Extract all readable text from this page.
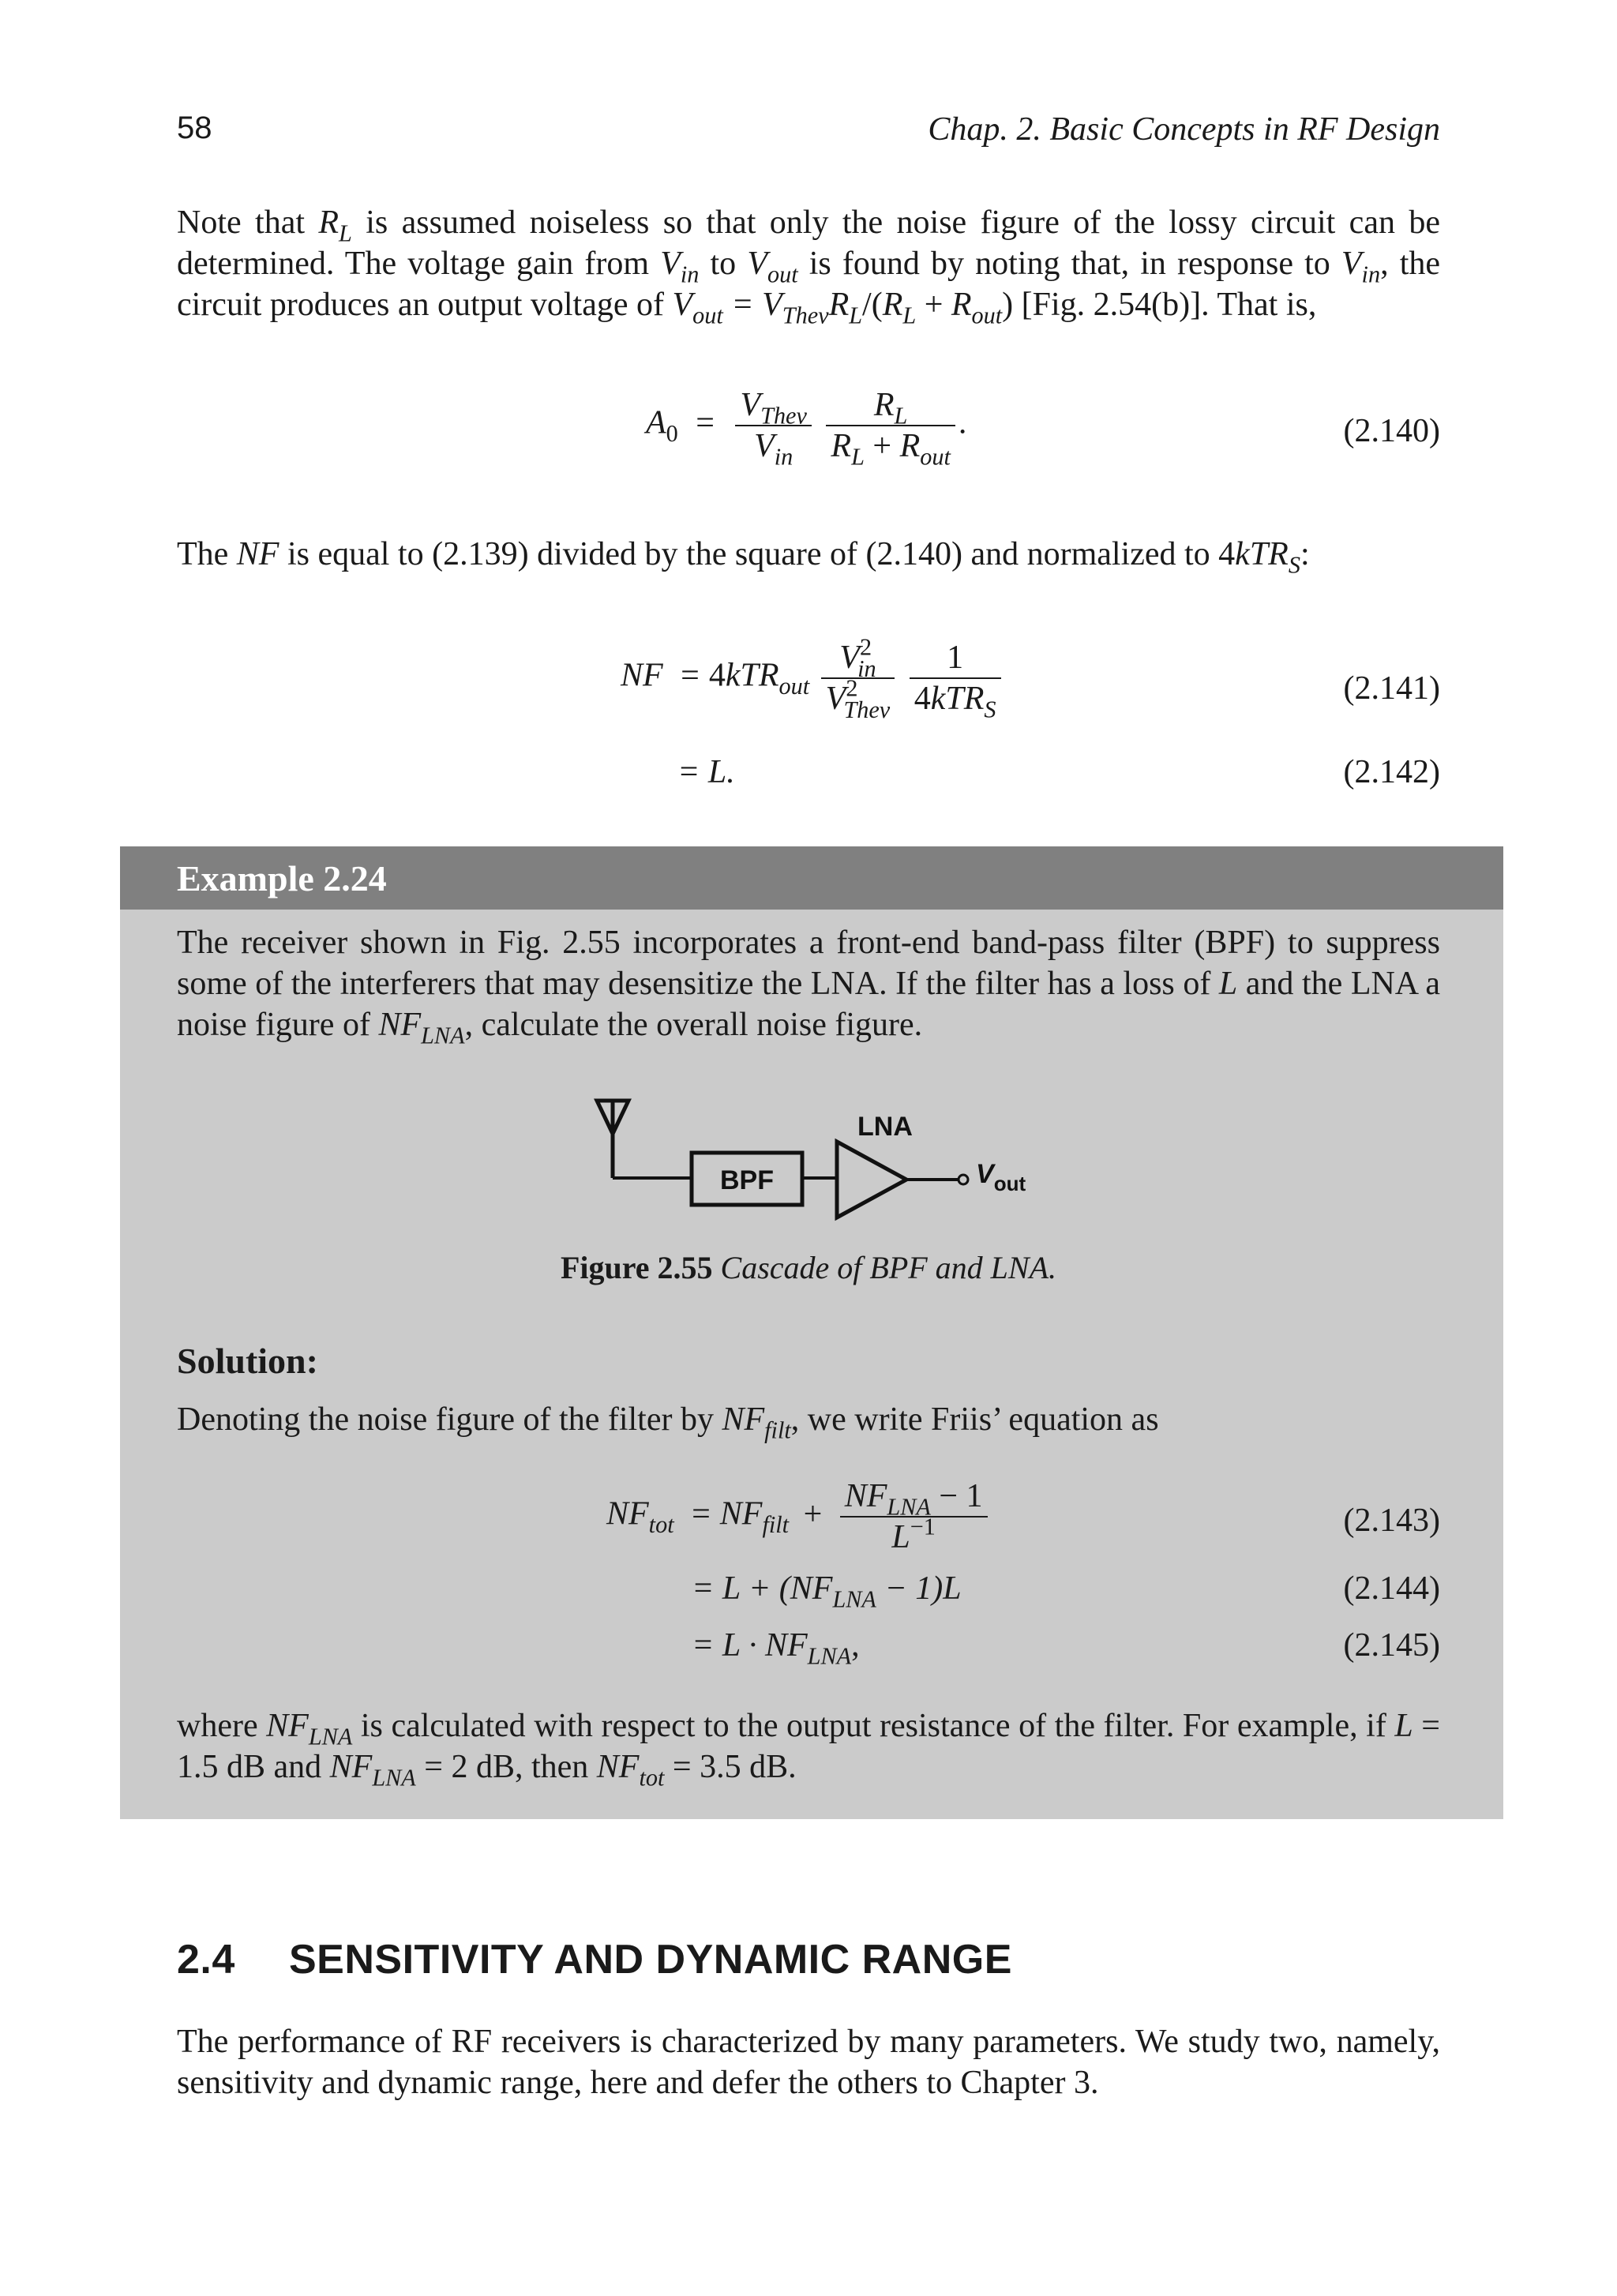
58	Chap. 2. Basic Concepts in RF Design
Note that $R_L$ is assumed noiseless so that only the noise figure of the lossy circuit can be determined. The voltage gain from $V_{in}$ to $V_{out}$ is found by noting that, in response to $V_{in}$, the circuit produces an output voltage of $V_{out} = V_{Thev}R_L/(R_L + R_{out})$ [Fig. 2.54(b)]. That is,
$A_0 = \frac{V_{Thev}}{V_{in}}$
$\frac{R_L}{R_L + R_{out}}$ .	(2.140)
The NF is equal to (2.139) divided by the square of (2.140) and normalized to 4kTR$_S$:
NF = $4kTR_{out} \frac{V^2_{in}}{V^2_{Thev}}$
$\frac{1}{4kTR_S}$	(2.141)
= L.	(2.142)
Example 2.24
The receiver shown in Fig. 2.55 incorporates a front-end band-pass filter (BPF) to suppress some of the interferers that may desensitize the LNA. If the filter has a loss of L and the LNA a noise figure of $NF_{LNA}$, calculate the overall noise figure.
BPF
LNA
$V_{out}$
Figure 2.55 Cascade of BPF and LNA.
Solution:
Denoting the noise figure of the filter by $NF_{filt}$, we write Friis’ equation as
$NF_{tot} = NF_{filt} + \frac{NF_{LNA} - 1}{L^{-1}}$	(2.143)
= $L + (NF_{LNA} - 1)L$	(2.144)
= $L \cdot NF_{LNA}$,	(2.145)
where $NF_{LNA}$ is calculated with respect to the output resistance of the filter. For example, if L = 1.5 dB and $NF_{LNA} = 2$ dB, then $NF_{tot} = 3.5$ dB.
2.4 SENSITIVITY AND DYNAMIC RANGE
The performance of RF receivers is characterized by many parameters. We study two, namely, sensitivity and dynamic range, here and defer the others to Chapter 3.
